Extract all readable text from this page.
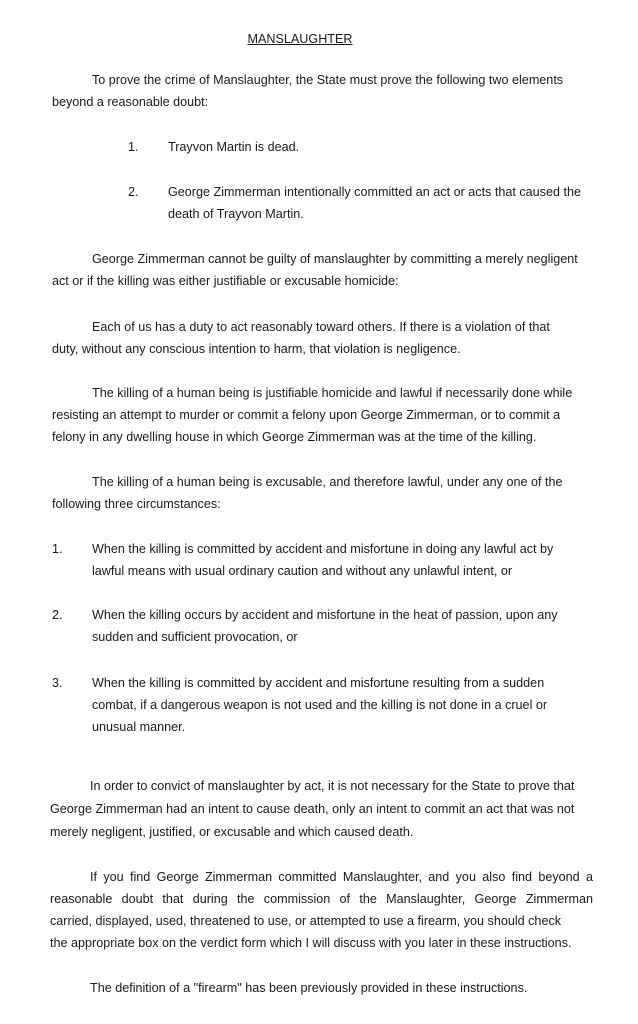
MANSLAUGHTER
To prove the crime of Manslaughter, the State must prove the following two elements
beyond a reasonable doubt:
1. Trayvon Martin is dead.
2. George Zimmerman intentionally committed an act or acts that caused the
death of Trayvon Martin.
George Zimmerman cannot be guilty of manslaughter by committing a merely negligent
act or if the killing was either justifiable or excusable homicide:
Each of us has a duty to act reasonably toward others. If there is a violation of that
duty, without any conscious intention to harm, that violation is negligence.
The killing of a human being is justifiable homicide and lawful if necessarily done while
resisting an attempt to murder or commit a felony upon George Zimmerman, or to commit a
felony in any dwelling house in which George Zimmerman was at the time of the killing.
The killing of a human being is excusable, and therefore lawful, under any one of the
following three circumstances:
1. When the killing is committed by accident and misfortune in doing any lawful act by
lawful means with usual ordinary caution and without any unlawful intent, or
2. When the killing occurs by accident and misfortune in the heat of passion, upon any
sudden and sufficient provocation, or
3. When the killing is committed by accident and misfortune resulting from a sudden
combat, if a dangerous weapon is not used and the killing is not done in a cruel or
unusual manner.
In order to convict of manslaughter by act, it is not necessary for the State to prove that
George Zimmerman had an intent to cause death, only an intent to commit an act that was not
merely negligent, justified, or excusable and which caused death.
If you find George Zimmerman committed Manslaughter, and you also find beyond a
reasonable doubt that during the commission of the Manslaughter, George Zimmerman
carried, displayed, used, threatened to use, or attempted to use a firearm, you should check
the appropriate box on the verdict form which I will discuss with you later in these instructions.
The definition of a "firearm" has been previously provided in these instructions.
